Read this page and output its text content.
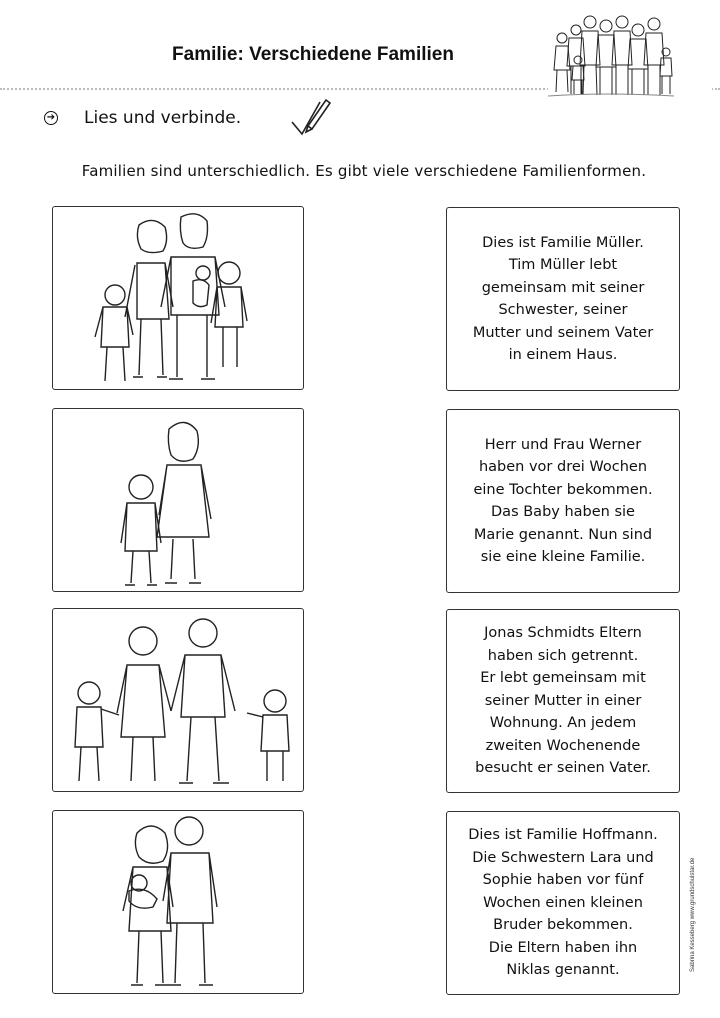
Familie: Verschiedene Familien
➔ Lies und verbinde.
Familien sind unterschiedlich. Es gibt viele verschiedene Familienformen.
Dies ist Familie Müller.
Tim Müller lebt
gemeinsam mit seiner
Schwester, seiner
Mutter und seinem Vater
in einem Haus.
Herr und Frau Werner
haben vor drei Wochen
eine Tochter bekommen.
Das Baby haben sie
Marie genannt. Nun sind
sie eine kleine Familie.
Jonas Schmidts Eltern
haben sich getrennt.
Er lebt gemeinsam mit
seiner Mutter in einer
Wohnung. An jedem
zweiten Wochenende
besucht er seinen Vater.
Dies ist Familie Hoffmann.
Die Schwestern Lara und
Sophie haben vor fünf
Wochen einen kleinen
Bruder bekommen.
Die Eltern haben ihn
Niklas genannt.	Sabrina Kesseberg www.grundschulstar.de
